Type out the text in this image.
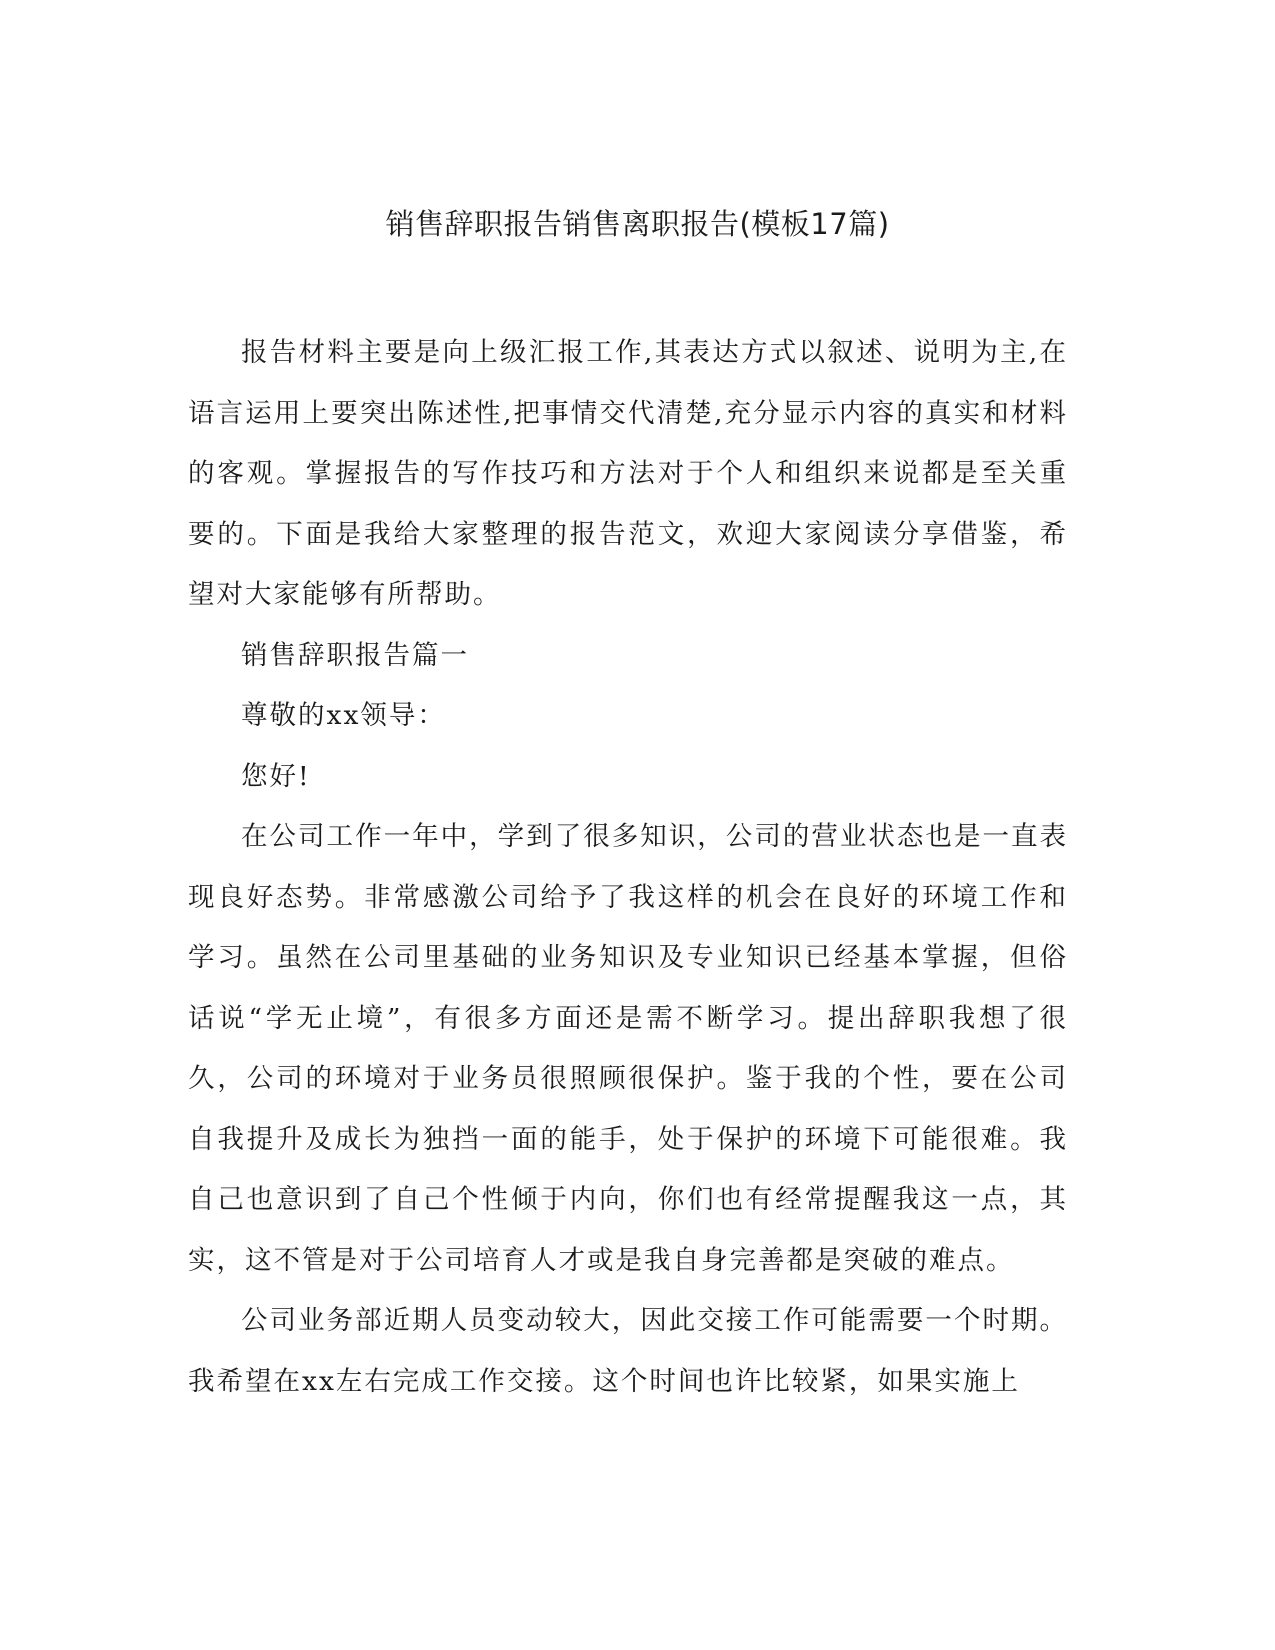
销售辞职报告销售离职报告(模板17篇)

报告材料主要是向上级汇报工作,其表达方式以叙述、说明为主,在语言运用上要突出陈述性,把事情交代清楚,充分显示内容的真实和材料的客观。掌握报告的写作技巧和方法对于个人和组织来说都是至关重要的。下面是我给大家整理的报告范文，欢迎大家阅读分享借鉴，希望对大家能够有所帮助。

销售辞职报告篇一

尊敬的xx领导：

您好!

在公司工作一年中，学到了很多知识，公司的营业状态也是一直表现良好态势。非常感激公司给予了我这样的机会在良好的环境工作和学习。虽然在公司里基础的业务知识及专业知识已经基本掌握，但俗话说“学无止境”，有很多方面还是需不断学习。提出辞职我想了很久，公司的环境对于业务员很照顾很保护。鉴于我的个性，要在公司自我提升及成长为独挡一面的能手，处于保护的环境下可能很难。我自己也意识到了自己个性倾于内向，你们也有经常提醒我这一点，其实，这不管是对于公司培育人才或是我自身完善都是突破的难点。

公司业务部近期人员变动较大，因此交接工作可能需要一个时期。我希望在xx左右完成工作交接。这个时间也许比较紧，如果实施上
